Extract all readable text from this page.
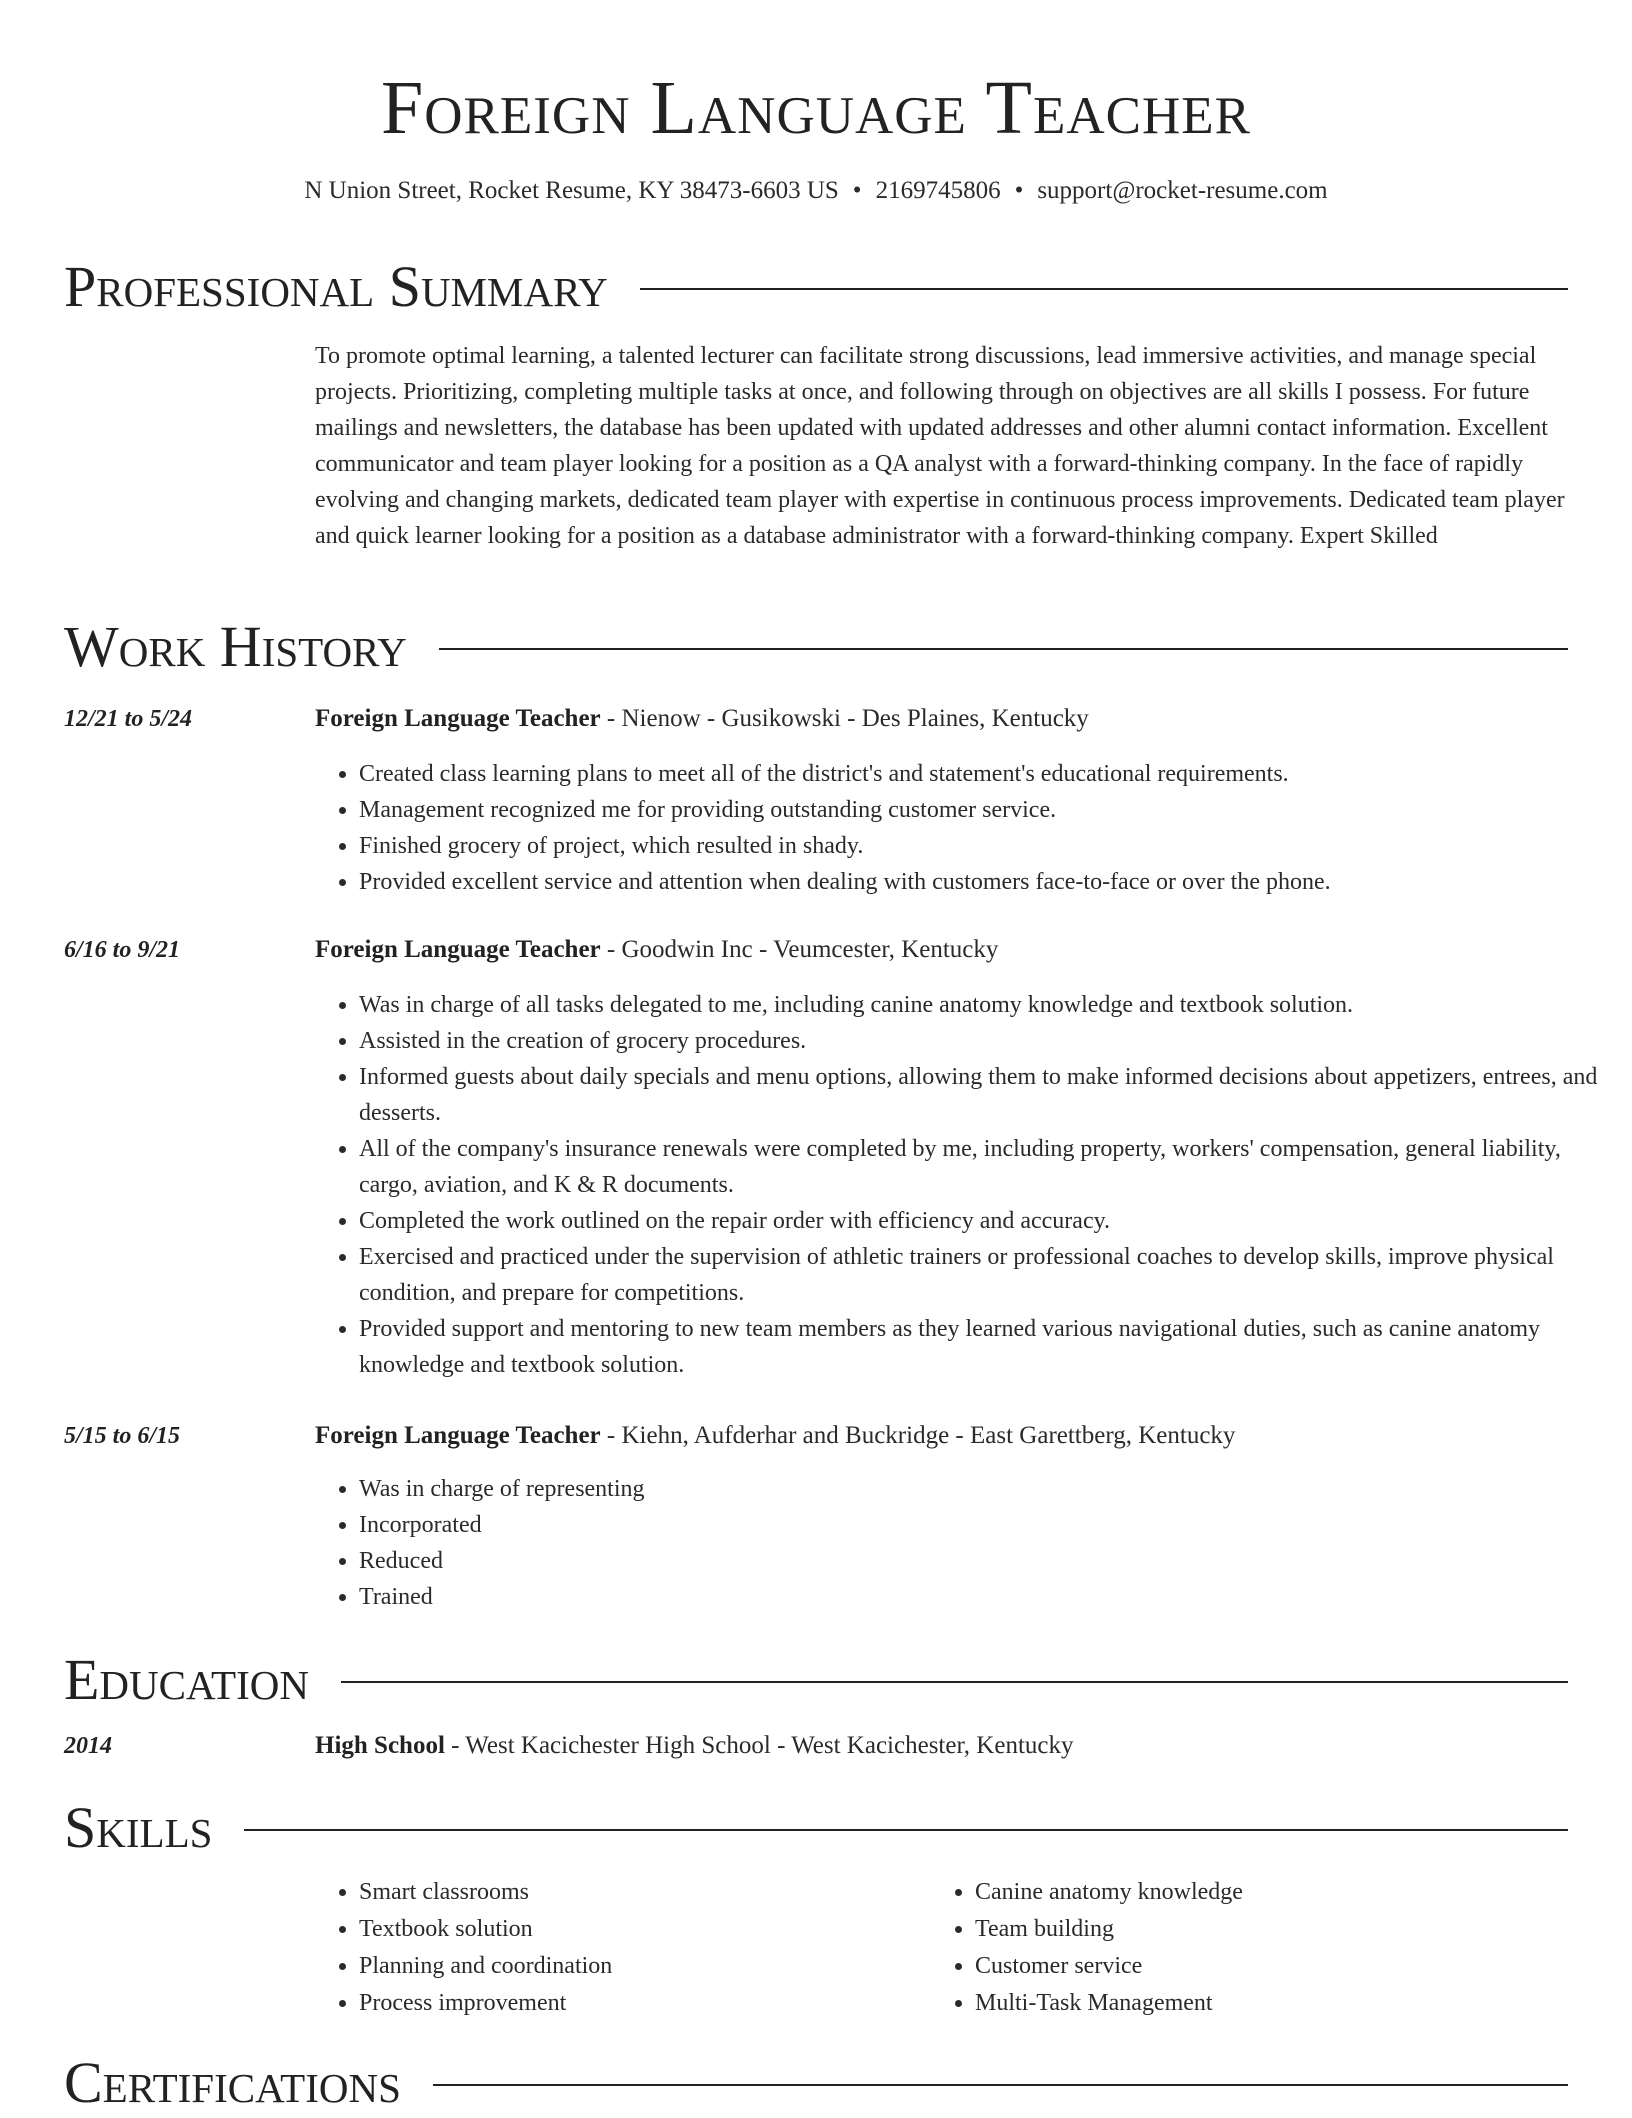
Foreign Language Teacher
N Union Street, Rocket Resume, KY 38473-6603 US • 2169745806 • support@rocket-resume.com
Professional Summary
To promote optimal learning, a talented lecturer can facilitate strong discussions, lead immersive activities, and manage special projects. Prioritizing, completing multiple tasks at once, and following through on objectives are all skills I possess. For future mailings and newsletters, the database has been updated with updated addresses and other alumni contact information. Excellent communicator and team player looking for a position as a QA analyst with a forward-thinking company. In the face of rapidly evolving and changing markets, dedicated team player with expertise in continuous process improvements. Dedicated team player and quick learner looking for a position as a database administrator with a forward-thinking company. Expert Skilled
Work History
12/21 to 5/24	Foreign Language Teacher - Nienow - Gusikowski - Des Plaines, Kentucky
• Created class learning plans to meet all of the district's and statement's educational requirements.
• Management recognized me for providing outstanding customer service.
• Finished grocery of project, which resulted in shady.
• Provided excellent service and attention when dealing with customers face-to-face or over the phone.
6/16 to 9/21	Foreign Language Teacher - Goodwin Inc - Veumcester, Kentucky
• Was in charge of all tasks delegated to me, including canine anatomy knowledge and textbook solution.
• Assisted in the creation of grocery procedures.
• Informed guests about daily specials and menu options, allowing them to make informed decisions about appetizers, entrees, and desserts.
• All of the company's insurance renewals were completed by me, including property, workers' compensation, general liability, cargo, aviation, and K & R documents.
• Completed the work outlined on the repair order with efficiency and accuracy.
• Exercised and practiced under the supervision of athletic trainers or professional coaches to develop skills, improve physical condition, and prepare for competitions.
• Provided support and mentoring to new team members as they learned various navigational duties, such as canine anatomy knowledge and textbook solution.
5/15 to 6/15	Foreign Language Teacher - Kiehn, Aufderhar and Buckridge - East Garettberg, Kentucky
• Was in charge of representing
• Incorporated
• Reduced
• Trained
Education
2014	High School - West Kacichester High School - West Kacichester, Kentucky
Skills
• Smart classrooms
• Textbook solution
• Planning and coordination
• Process improvement
• Canine anatomy knowledge
• Team building
• Customer service
• Multi-Task Management
Certifications
